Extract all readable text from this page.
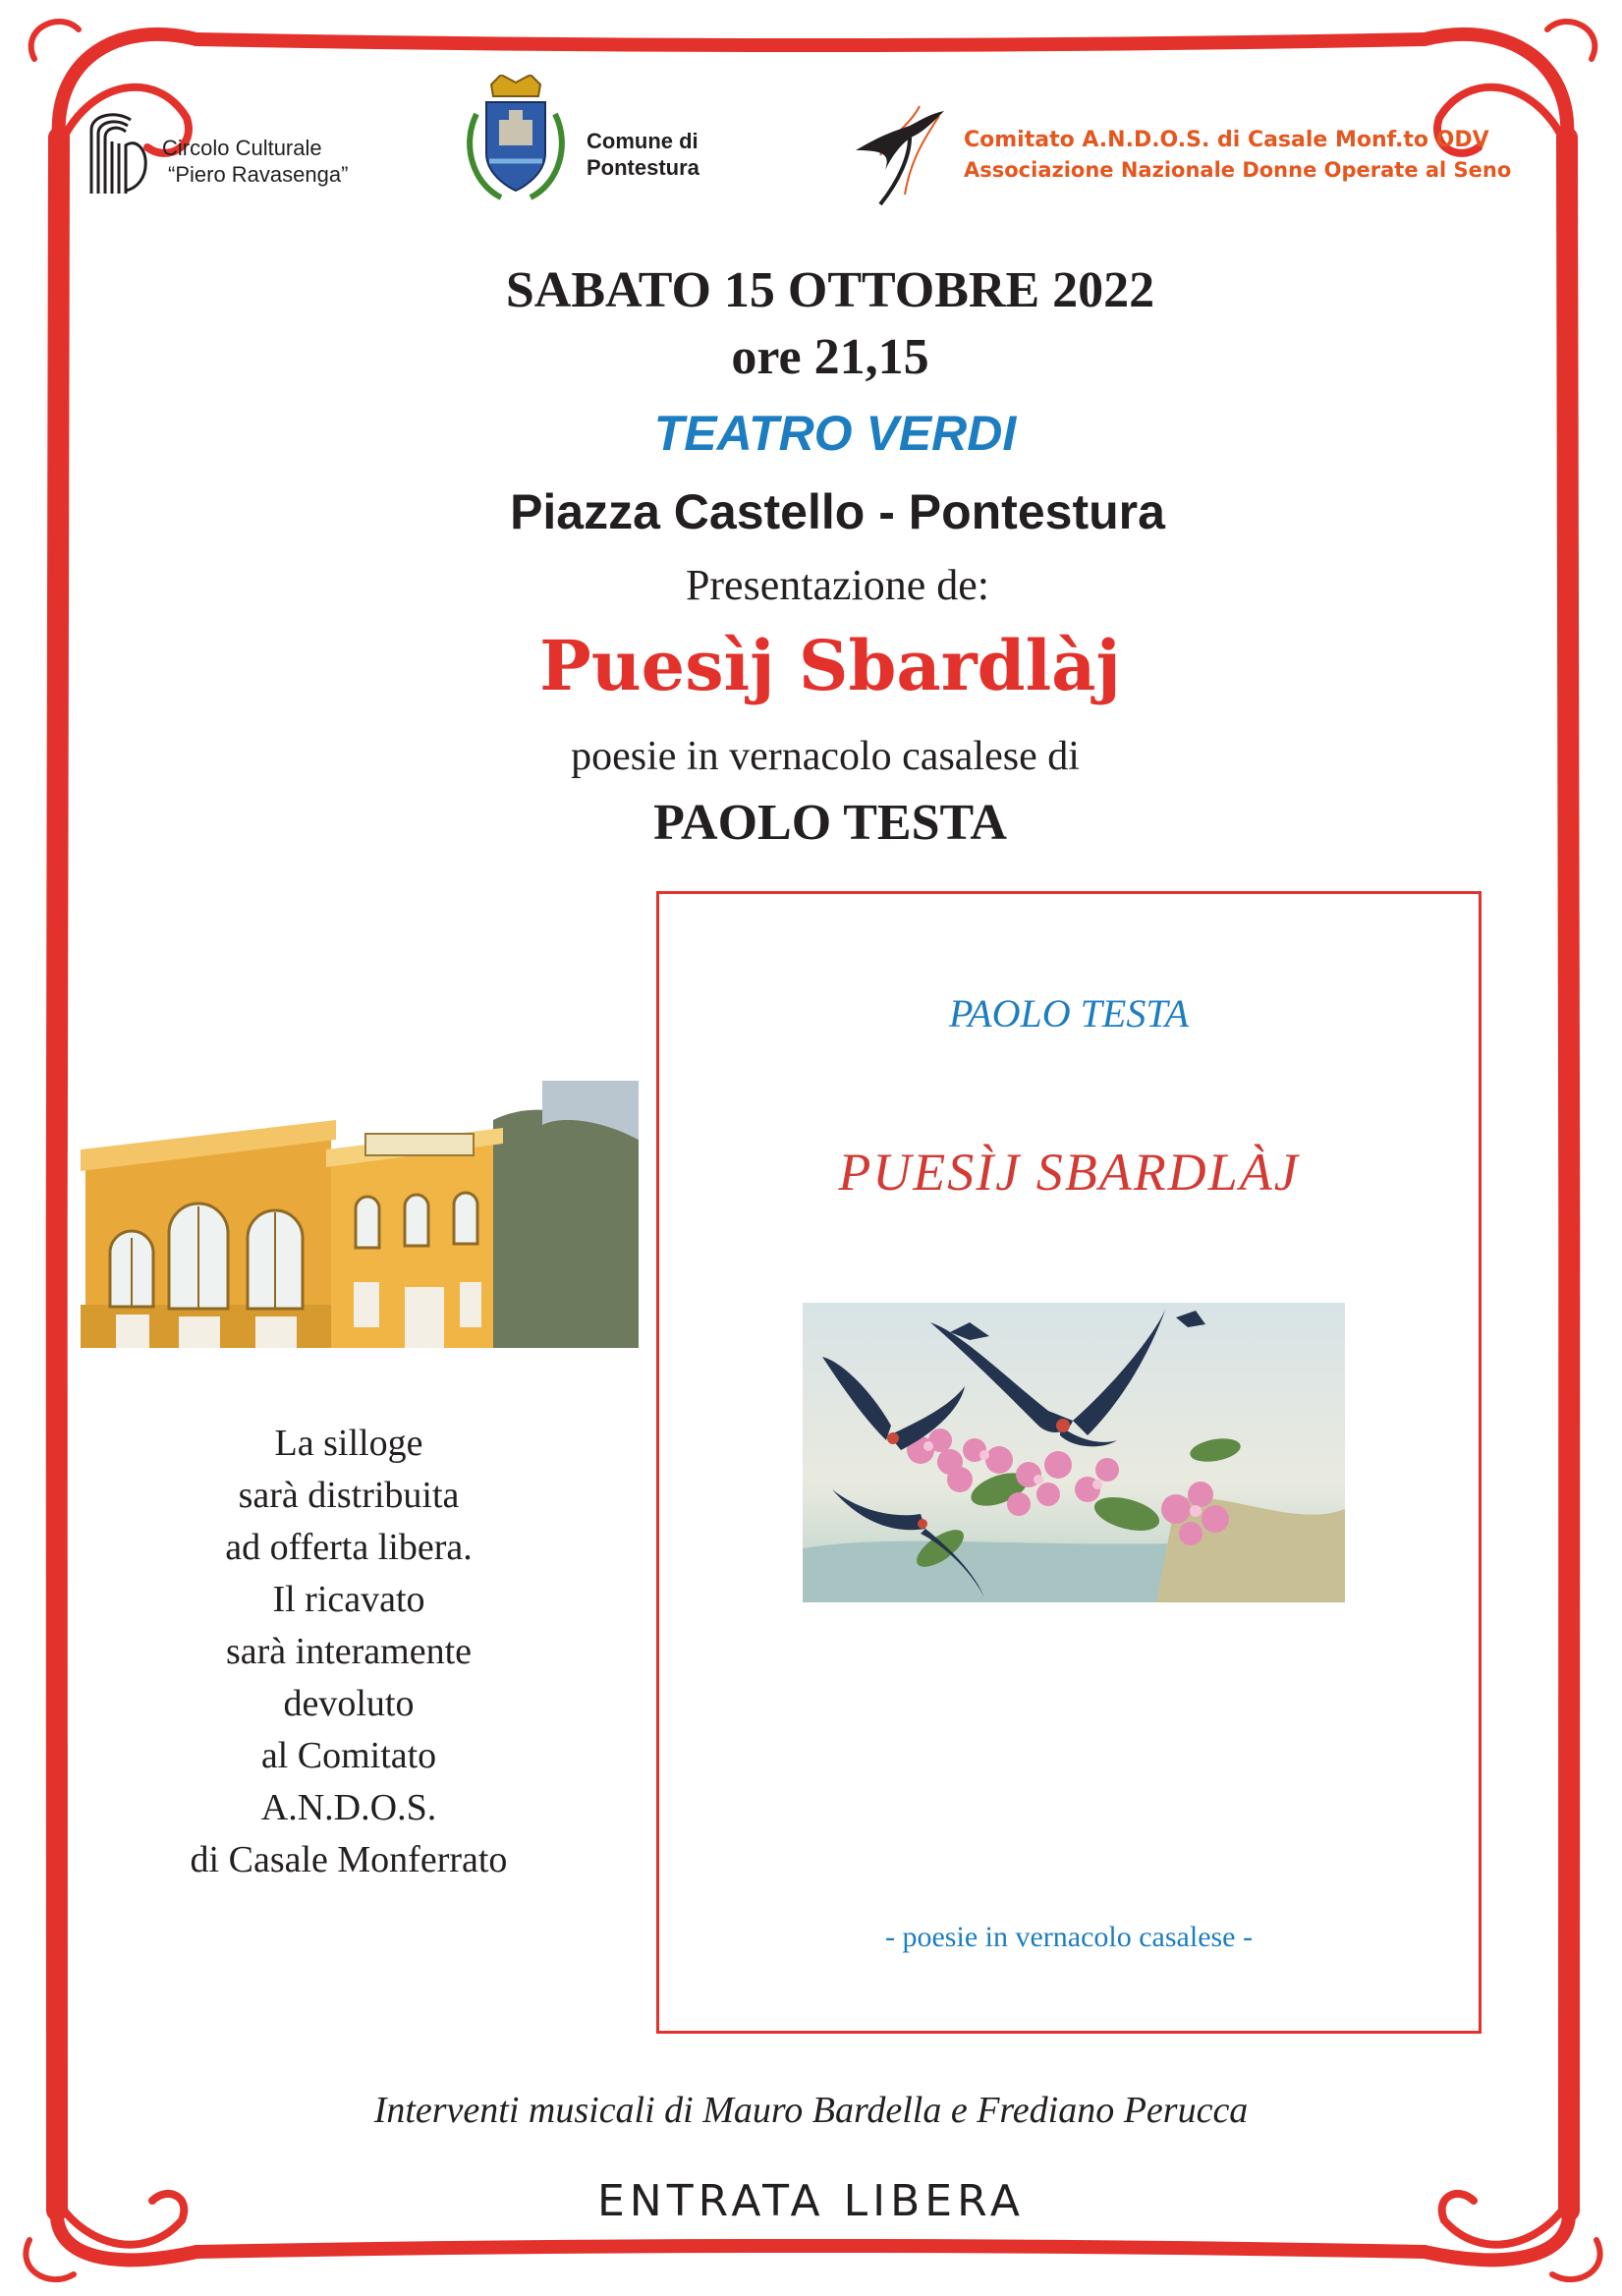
Circolo Culturale
“Piero Ravasenga”
Comune di
Pontestura
Comitato A.N.D.O.S. di Casale Monf.to ODV
Associazione Nazionale Donne Operate al Seno
SABATO 15 OTTOBRE 2022
ore 21,15
TEATRO VERDI
Piazza Castello - Pontestura
Presentazione de:
Puesìj Sbardlàj
poesie in vernacolo casalese di
PAOLO TESTA
La silloge
sarà distribuita
ad offerta libera.
Il ricavato
sarà interamente
devoluto
al Comitato
A.N.D.O.S.
di Casale Monferrato
PAOLO TESTA
PUESÌJ SBARDLÀJ
- poesie in vernacolo casalese -
Interventi musicali di Mauro Bardella e Frediano Perucca
ENTRATA LIBERA
